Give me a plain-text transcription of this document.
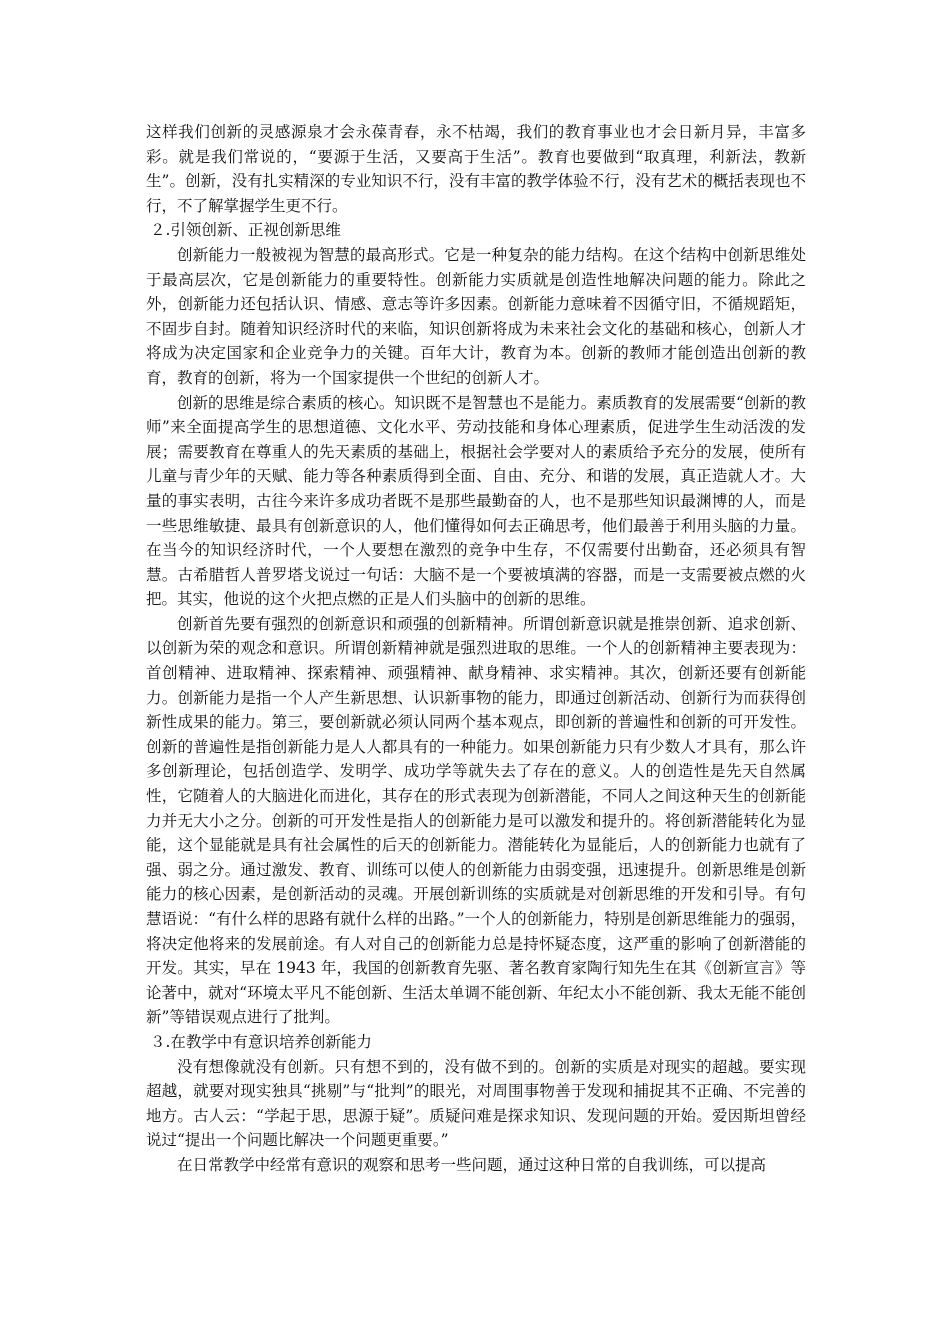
这样我们创新的灵感源泉才会永葆青春，永不枯竭，我们的教育事业也才会日新月异，丰富多彩。就是我们常说的，“要源于生活，又要高于生活”。教育也要做到“取真理，利新法，教新生”。创新，没有扎实精深的专业知识不行，没有丰富的教学体验不行，没有艺术的概括表现也不行，不了解掌握学生更不行。

２.引领创新、正视创新思维

创新能力一般被视为智慧的最高形式。它是一种复杂的能力结构。在这个结构中创新思维处于最高层次，它是创新能力的重要特性。创新能力实质就是创造性地解决问题的能力。除此之外，创新能力还包括认识、情感、意志等许多因素。创新能力意味着不因循守旧，不循规蹈矩，不固步自封。随着知识经济时代的来临，知识创新将成为未来社会文化的基础和核心，创新人才将成为决定国家和企业竞争力的关键。百年大计，教育为本。创新的教师才能创造出创新的教育，教育的创新，将为一个国家提供一个世纪的创新人才。

创新的思维是综合素质的核心。知识既不是智慧也不是能力。素质教育的发展需要“创新的教师”来全面提高学生的思想道德、文化水平、劳动技能和身体心理素质，促进学生生动活泼的发展；需要教育在尊重人的先天素质的基础上，根据社会学要对人的素质给予充分的发展，使所有儿童与青少年的天赋、能力等各种素质得到全面、自由、充分、和谐的发展，真正造就人才。大量的事实表明，古往今来许多成功者既不是那些最勤奋的人，也不是那些知识最渊博的人，而是一些思维敏捷、最具有创新意识的人，他们懂得如何去正确思考，他们最善于利用头脑的力量。在当今的知识经济时代，一个人要想在激烈的竞争中生存，不仅需要付出勤奋，还必须具有智慧。古希腊哲人普罗塔戈说过一句话：大脑不是一个要被填满的容器，而是一支需要被点燃的火把。其实，他说的这个火把点燃的正是人们头脑中的创新的思维。

创新首先要有强烈的创新意识和顽强的创新精神。所谓创新意识就是推崇创新、追求创新、以创新为荣的观念和意识。所谓创新精神就是强烈进取的思维。一个人的创新精神主要表现为：首创精神、进取精神、探索精神、顽强精神、献身精神、求实精神。其次，创新还要有创新能力。创新能力是指一个人产生新思想、认识新事物的能力，即通过创新活动、创新行为而获得创新性成果的能力。第三，要创新就必须认同两个基本观点，即创新的普遍性和创新的可开发性。创新的普遍性是指创新能力是人人都具有的一种能力。如果创新能力只有少数人才具有，那么许多创新理论，包括创造学、发明学、成功学等就失去了存在的意义。人的创造性是先天自然属性，它随着人的大脑进化而进化，其存在的形式表现为创新潜能，不同人之间这种天生的创新能力并无大小之分。创新的可开发性是指人的创新能力是可以激发和提升的。将创新潜能转化为显能，这个显能就是具有社会属性的后天的创新能力。潜能转化为显能后，人的创新能力也就有了强、弱之分。通过激发、教育、训练可以使人的创新能力由弱变强，迅速提升。创新思维是创新能力的核心因素，是创新活动的灵魂。开展创新训练的实质就是对创新思维的开发和引导。有句慧语说：“有什么样的思路有就什么样的出路。”一个人的创新能力，特别是创新思维能力的强弱，将决定他将来的发展前途。有人对自己的创新能力总是持怀疑态度，这严重的影响了创新潜能的开发。其实，早在 1943 年，我国的创新教育先驱、著名教育家陶行知先生在其《创新宣言》等论著中，就对“环境太平凡不能创新、生活太单调不能创新、年纪太小不能创新、我太无能不能创新”等错误观点进行了批判。

３.在教学中有意识培养创新能力

没有想像就没有创新。只有想不到的，没有做不到的。创新的实质是对现实的超越。要实现超越，就要对现实独具“挑剔”与“批判”的眼光，对周围事物善于发现和捕捉其不正确、不完善的地方。古人云：“学起于思，思源于疑”。质疑问难是探求知识、发现问题的开始。爱因斯坦曾经说过“提出一个问题比解决一个问题更重要。”

在日常教学中经常有意识的观察和思考一些问题，通过这种日常的自我训练，可以提高
